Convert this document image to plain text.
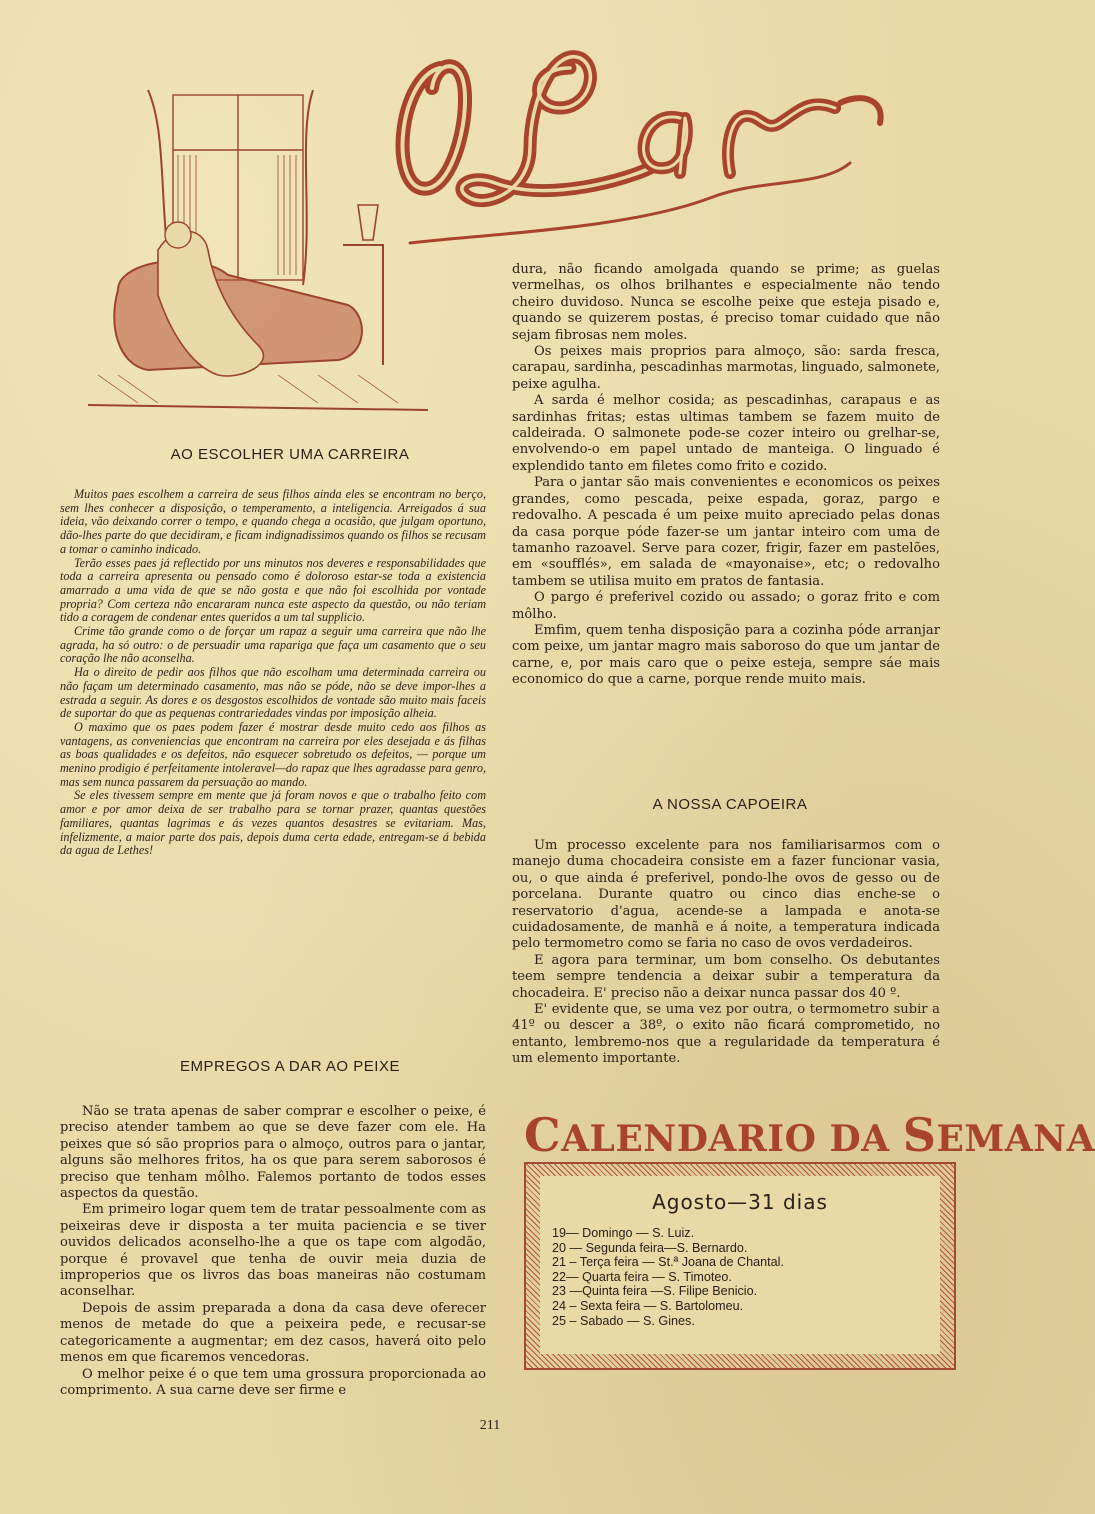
AO ESCOLHER UMA CARREIRA

Muitos paes escolhem a carreira de seus filhos ainda eles se encontram no berço, sem lhes conhecer a disposição, o temperamento, a inteligencia. Arreigados á sua ideia, vão deixando correr o tempo, e quando chega a ocasião, que julgam oportuno, dão-lhes parte do que decidiram, e ficam indignadissimos quando os filhos se recusam a tomar o caminho indicado.

Terão esses paes já reflectido por uns minutos nos deveres e responsabilidades que toda a carreira apresenta ou pensado como é doloroso estar-se toda a existencia amarrado a uma vida de que se não gosta e que não foi escolhida por vontade propria? Com certeza não encararam nunca este aspecto da questão, ou não teriam tido a coragem de condenar entes queridos a um tal supplicio.

Crime tão grande como o de forçar um rapaz a seguir uma carreira que não lhe agrada, ha só outro: o de persuadir uma rapariga que faça um casamento que o seu coração lhe não aconselha.

Ha o direito de pedir aos filhos que não escolham uma determinada carreira ou não façam um determinado casamento, mas não se póde, não se deve impor-lhes a estrada a seguir. As dores e os desgostos escolhidos de vontade são muito mais faceis de suportar do que as pequenas contrariedades vindas por imposição alheia.

O maximo que os paes podem fazer é mostrar desde muito cedo aos filhos as vantagens, as conveniencias que encontram na carreira por eles desejada e ás filhas as boas qualidades e os defeitos, não esquecer sobretudo os defeitos, — porque um menino prodigio é perfeitamente intoleravel—do rapaz que lhes agradasse para genro, mas sem nunca passarem da persuação ao mando.

Se eles tivessem sempre em mente que já foram novos e que o trabalho feito com amor e por amor deixa de ser trabalho para se tornar prazer, quantas questões familiares, quantas lagrimas e ás vezes quantos desastres se evitariam. Mas, infelizmente, a maior parte dos pais, depois duma certa edade, entregam-se á bebida da agua de Lethes!

EMPREGOS A DAR AO PEIXE

Não se trata apenas de saber comprar e escolher o peixe, é preciso atender tambem ao que se deve fazer com ele. Ha peixes que só são proprios para o almoço, outros para o jantar, alguns são melhores fritos, ha os que para serem saborosos é preciso que tenham môlho. Falemos portanto de todos esses aspectos da questão.

Em primeiro logar quem tem de tratar pessoalmente com as peixeiras deve ir disposta a ter muita paciencia e se tiver ouvidos delicados aconselho-lhe a que os tape com algodão, porque é provavel que tenha de ouvir meia duzia de improperios que os livros das boas maneiras não costumam aconselhar.

Depois de assim preparada a dona da casa deve oferecer menos de metade do que a peixeira pede, e recusar-se categoricamente a augmentar; em dez casos, haverá oito pelo menos em que ficaremos vencedoras.

O melhor peixe é o que tem uma grossura proporcionada ao comprimento. A sua carne deve ser firme e

dura, não ficando amolgada quando se prime; as guelas vermelhas, os olhos brilhantes e especialmente não tendo cheiro duvidoso. Nunca se escolhe peixe que esteja pisado e, quando se quizerem postas, é preciso tomar cuidado que não sejam fibrosas nem moles.

Os peixes mais proprios para almoço, são: sarda fresca, carapau, sardinha, pescadinhas marmotas, linguado, salmonete, peixe agulha.

A sarda é melhor cosida; as pescadinhas, carapaus e as sardinhas fritas; estas ultimas tambem se fazem muito de caldeirada. O salmonete pode-se cozer inteiro ou grelhar-se, envolvendo-o em papel untado de manteiga. O linguado é explendido tanto em filetes como frito e cozido.

Para o jantar são mais convenientes e economicos os peixes grandes, como pescada, peixe espada, goraz, pargo e redovalho. A pescada é um peixe muito apreciado pelas donas da casa porque póde fazer-se um jantar inteiro com uma de tamanho razoavel. Serve para cozer, frigir, fazer em pastelões, em «soufflés», em salada de «mayonaise», etc; o redovalho tambem se utilisa muito em pratos de fantasia.

O pargo é preferivel cozido ou assado; o goraz frito e com môlho.

Emfim, quem tenha disposição para a cozinha póde arranjar com peixe, um jantar magro mais saboroso do que um jantar de carne, e, por mais caro que o peixe esteja, sempre sáe mais economico do que a carne, porque rende muito mais.

A NOSSA CAPOEIRA

Um processo excelente para nos familiarisarmos com o manejo duma chocadeira consiste em a fazer funcionar vasia, ou, o que ainda é preferivel, pondo-lhe ovos de gesso ou de porcelana. Durante quatro ou cinco dias enche-se o reservatorio d'agua, acende-se a lampada e anota-se cuidadosamente, de manhã e á noite, a temperatura indicada pelo termometro como se faria no caso de ovos verdadeiros.

E agora para terminar, um bom conselho. Os debutantes teem sempre tendencia a deixar subir a temperatura da chocadeira. E' preciso não a deixar nunca passar dos 40 º.

E' evidente que, se uma vez por outra, o termometro subir a 41º ou descer a 38º, o exito não ficará comprometido, no entanto, lembremo-nos que a regularidade da temperatura é um elemento importante.

CALENDARIO DA SEMANA
Agosto—31 dias
19— Domingo — S. Luiz.
20 — Segunda feira—S. Bernardo.
21 – Terça feira — St.ª Joana de Chantal.
22— Quarta feira — S. Timoteo.
23 —Quinta feira —S. Filipe Benicio.
24 – Sexta feira — S. Bartolomeu.
25 – Sabado — S. Gines.
211
